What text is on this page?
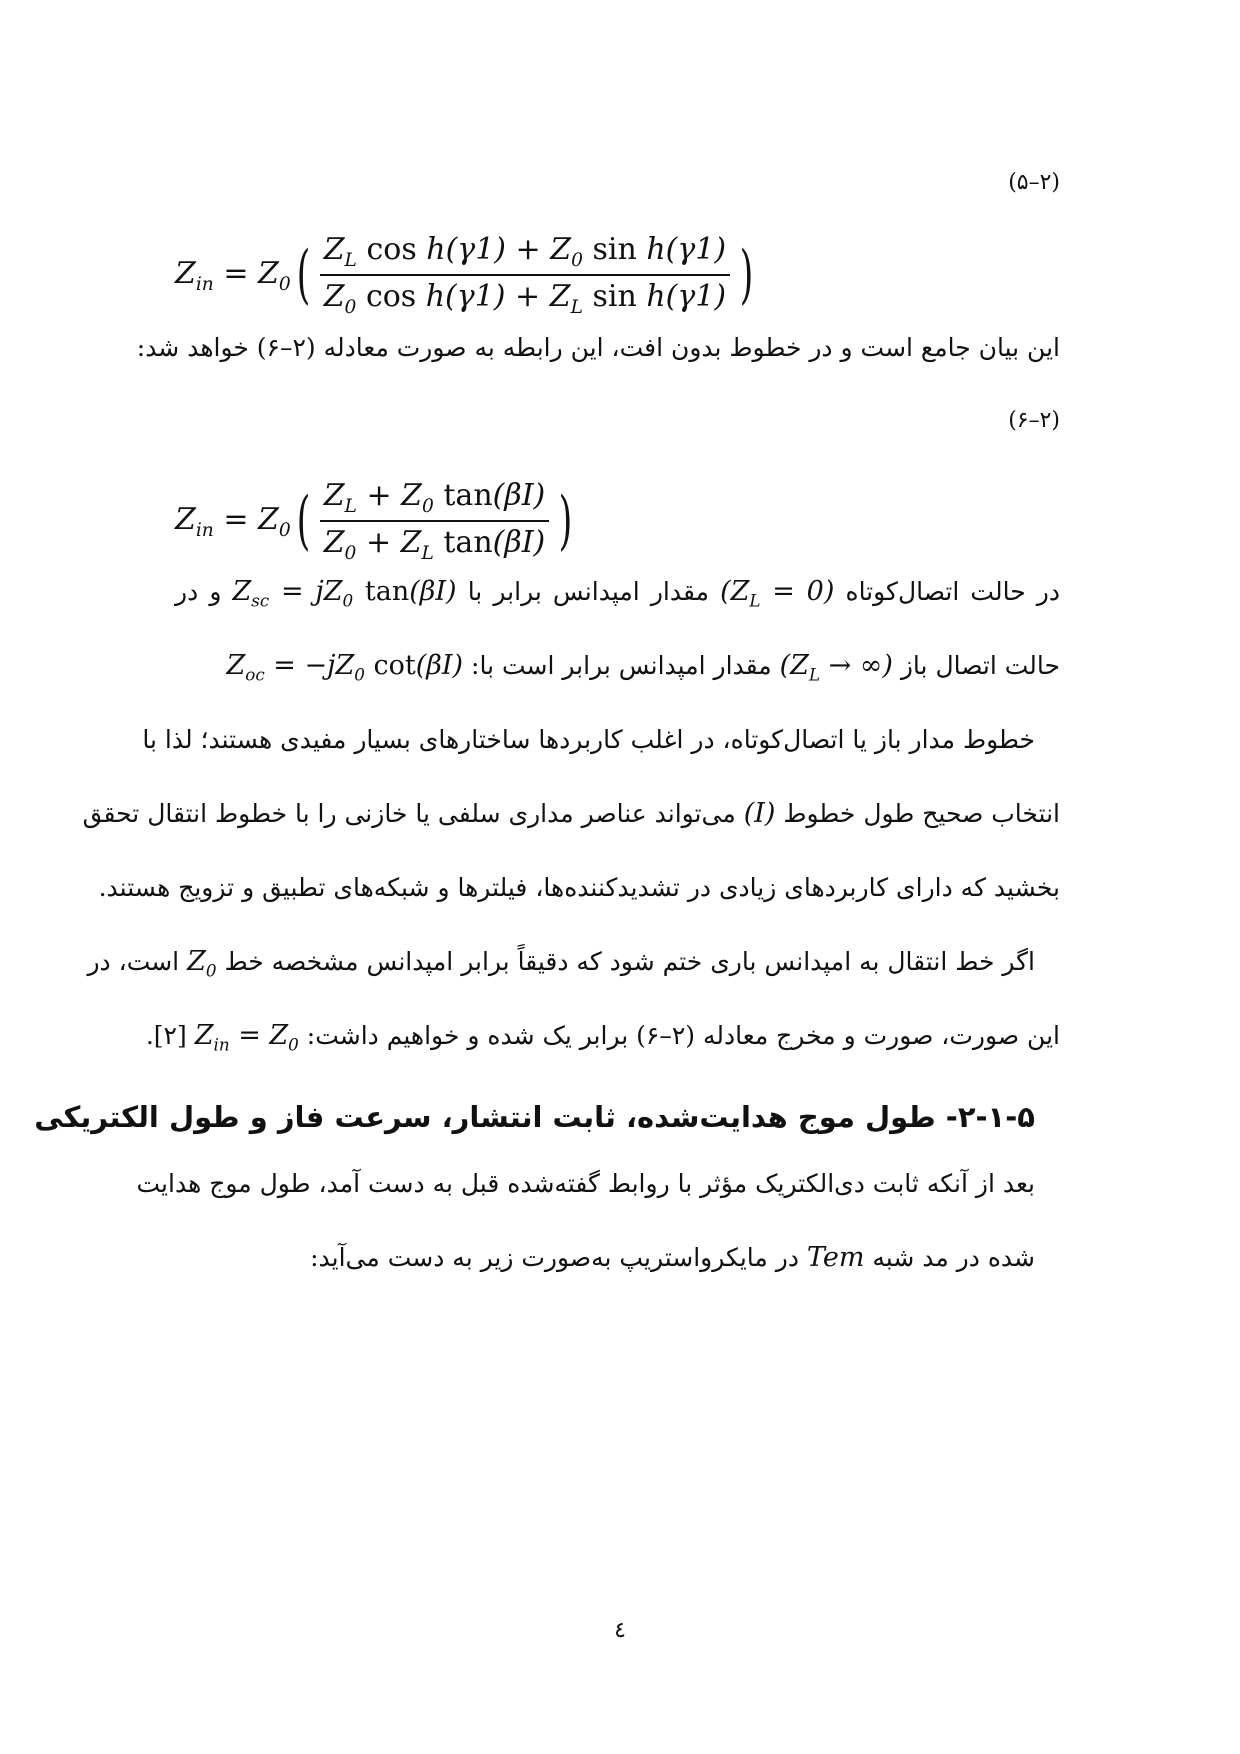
(۵–۲)
$Z_{in} = Z_0$ ( $\frac{Z_L \cos h(\gamma 1) + Z_0 \sin h(\gamma 1)}{Z_0 \cos h(\gamma 1) + Z_L \sin h(\gamma 1)}$ )
این بیان جامع است و در خطوط بدون افت، این رابطه به صورت معادله (۲–۶) خواهد شد:
(۶–۲)
$Z_{in} = Z_0$ ( $\frac{Z_L + Z_0 \tan(\beta I)}{Z_0 + Z_L \tan(\beta I)}$ )
در حالت اتصال‌کوتاه $(Z_L = 0)$ مقدار امپدانس برابر با $Z_{sc} = jZ_0$ tan(βI) و در
حالت اتصال باز ($Z_L$ → ∞) مقدار امپدانس برابر است با: $Z_{oc} = -jZ_0$ cot(βI)
خطوط مدار باز یا اتصال‌کوتاه، در اغلب کاربردها ساختارهای بسیار مفیدی هستند؛ لذا با
انتخاب صحیح طول خطوط (I) می‌تواند عناصر مداری سلفی یا خازنی را با خطوط انتقال تحقق
بخشید که دارای کاربردهای زیادی در تشدیدکننده‌ها، فیلترها و شبکه‌های تطبیق و تزویج هستند.
اگر خط انتقال به امپدانس باری ختم شود که دقیقاً برابر امپدانس مشخصه خط $Z_0$ است، در
این صورت، صورت و مخرج معادله (۲–۶) برابر یک شده و خواهیم داشت: $Z_{in} = Z_0$ [۲].
۲-۱-۵- طول موج هدایت‌شده، ثابت انتشار، سرعت فاز و طول الکتریکی
بعد از آنکه ثابت دی‌الکتریک مؤثر با روابط گفته‌شده قبل به دست آمد، طول موج هدایت
شده در مد شبه Tem در مایکرواستریپ به‌صورت زیر به دست می‌آید:
٤
